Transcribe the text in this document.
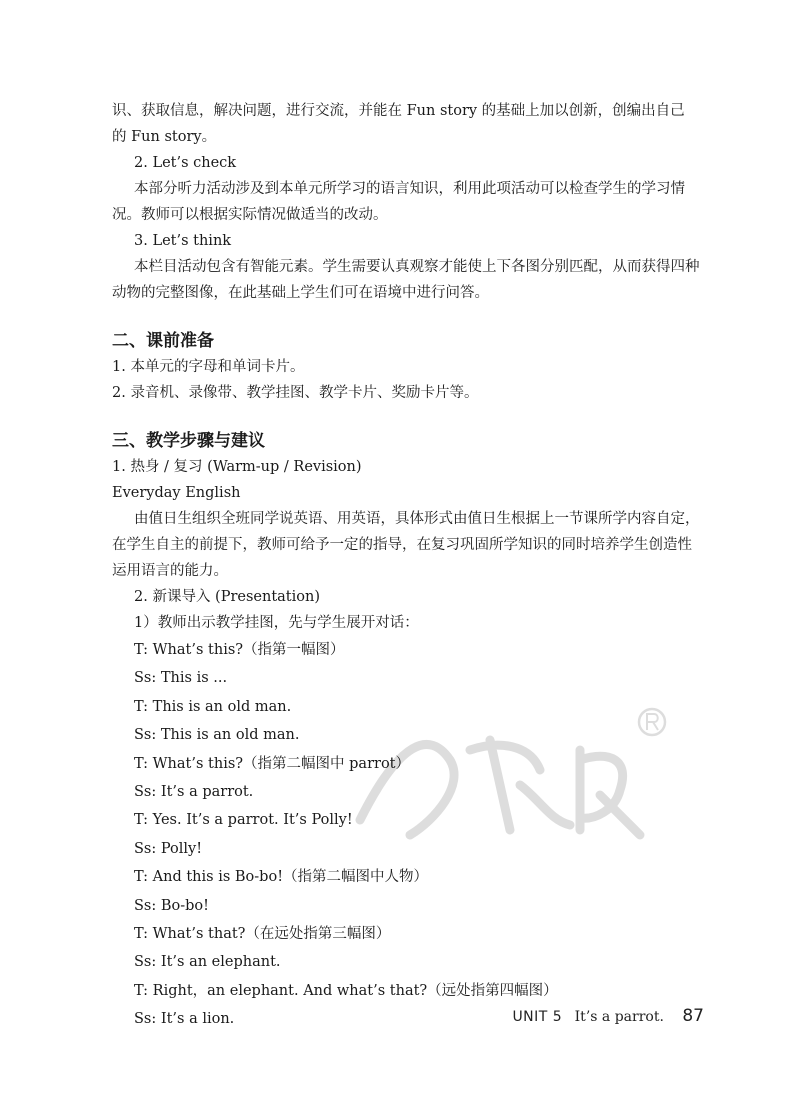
识、获取信息，解决问题，进行交流，并能在 Fun story 的基础上加以创新，创编出自己

的 Fun story。

2. Let’s check

本部分听力活动涉及到本单元所学习的语言知识，利用此项活动可以检查学生的学习情况。教师可以根据实际情况做适当的改动。

3. Let’s think

本栏目活动包含有智能元素。学生需要认真观察才能使上下各图分别匹配，从而获得四种动物的完整图像，在此基础上学生们可在语境中进行问答。

二、课前准备

1. 本单元的字母和单词卡片。

2. 录音机、录像带、教学挂图、教学卡片、奖励卡片等。

三、教学步骤与建议

1. 热身 / 复习 (Warm-up / Revision)

Everyday English

由值日生组织全班同学说英语、用英语，具体形式由值日生根据上一节课所学内容自定，在学生自主的前提下，教师可给予一定的指导，在复习巩固所学知识的同时培养学生创造性运用语言的能力。

2. 新课导入 (Presentation)

1）教师出示教学挂图，先与学生展开对话：

T: What’s this?（指第一幅图）

Ss: This is ...

T: This is an old man.

Ss: This is an old man.

T: What’s this?（指第二幅图中 parrot）

Ss: It’s a parrot.

T: Yes. It’s a parrot. It’s Polly!

Ss: Polly!

T: And this is Bo-bo!（指第二幅图中人物）

Ss: Bo-bo!

T: What’s that?（在远处指第三幅图）

Ss: It’s an elephant.

T: Right，an elephant. And what’s that?（远处指第四幅图）

Ss: It’s a lion.	UNIT 5 It’s a parrot. 87
